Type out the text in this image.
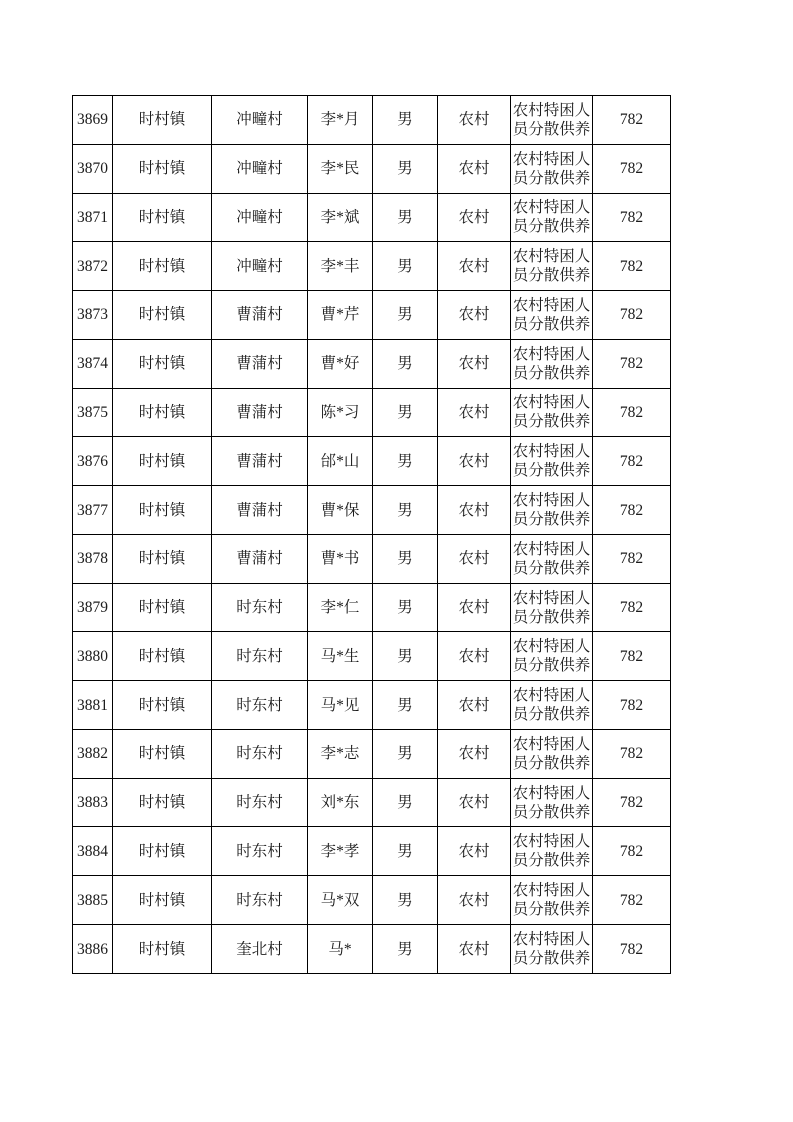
3869	时村镇	冲疃村	李*月	男	农村	农村特困人员分散供养	782
3870	时村镇	冲疃村	李*民	男	农村	农村特困人员分散供养	782
3871	时村镇	冲疃村	李*斌	男	农村	农村特困人员分散供养	782
3872	时村镇	冲疃村	李*丰	男	农村	农村特困人员分散供养	782
3873	时村镇	曹蒲村	曹*芹	男	农村	农村特困人员分散供养	782
3874	时村镇	曹蒲村	曹*好	男	农村	农村特困人员分散供养	782
3875	时村镇	曹蒲村	陈*习	男	农村	农村特困人员分散供养	782
3876	时村镇	曹蒲村	邰*山	男	农村	农村特困人员分散供养	782
3877	时村镇	曹蒲村	曹*保	男	农村	农村特困人员分散供养	782
3878	时村镇	曹蒲村	曹*书	男	农村	农村特困人员分散供养	782
3879	时村镇	时东村	李*仁	男	农村	农村特困人员分散供养	782
3880	时村镇	时东村	马*生	男	农村	农村特困人员分散供养	782
3881	时村镇	时东村	马*见	男	农村	农村特困人员分散供养	782
3882	时村镇	时东村	李*志	男	农村	农村特困人员分散供养	782
3883	时村镇	时东村	刘*东	男	农村	农村特困人员分散供养	782
3884	时村镇	时东村	李*孝	男	农村	农村特困人员分散供养	782
3885	时村镇	时东村	马*双	男	农村	农村特困人员分散供养	782
3886	时村镇	奎北村	马*	男	农村	农村特困人员分散供养	782
